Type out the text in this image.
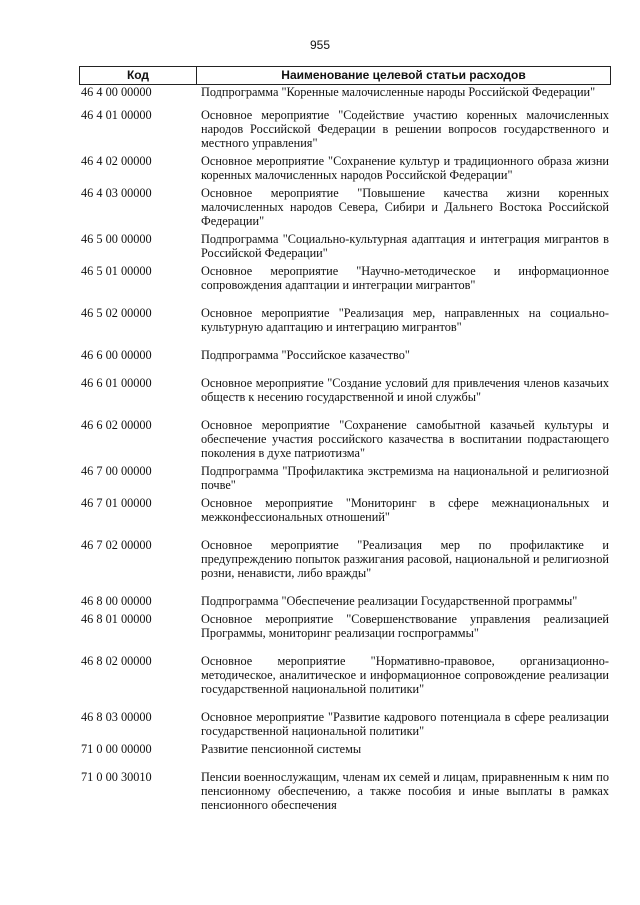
955
Код	Наименование целевой статьи расходов
46 4 00 00000	Подпрограмма "Коренные малочисленные народы Российской Федерации"
46 4 01 00000	Основное мероприятие "Содействие участию коренных малочисленных народов Российской Федерации в решении вопросов государственного и местного управления"
46 4 02 00000	Основное мероприятие "Сохранение культур и традиционного образа жизни коренных малочисленных народов Российской Федерации"
46 4 03 00000	Основное мероприятие "Повышение качества жизни коренных малочисленных народов Севера, Сибири и Дальнего Востока Российской Федерации"
46 5 00 00000	Подпрограмма "Социально-культурная адаптация и интеграция мигрантов в Российской Федерации"
46 5 01 00000	Основное мероприятие "Научно-методическое и информационное сопровождения адаптации и интеграции мигрантов"
46 5 02 00000	Основное мероприятие "Реализация мер, направленных на социально-культурную адаптацию и интеграцию мигрантов"
46 6 00 00000	Подпрограмма "Российское казачество"
46 6 01 00000	Основное мероприятие "Создание условий для привлечения членов казачьих обществ к несению государственной и иной службы"
46 6 02 00000	Основное мероприятие "Сохранение самобытной казачьей культуры и обеспечение участия российского казачества в воспитании подрастающего поколения в духе патриотизма"
46 7 00 00000	Подпрограмма "Профилактика экстремизма на национальной и религиозной почве"
46 7 01 00000	Основное мероприятие "Мониторинг в сфере межнациональных и межконфессиональных отношений"
46 7 02 00000	Основное мероприятие "Реализация мер по профилактике и предупреждению попыток разжигания расовой, национальной и религиозной розни, ненависти, либо вражды"
46 8 00 00000	Подпрограмма "Обеспечение реализации Государственной программы"
46 8 01 00000	Основное мероприятие "Совершенствование управления реализацией Программы, мониторинг реализации госпрограммы"
46 8 02 00000	Основное мероприятие "Нормативно-правовое, организационно-методическое, аналитическое и информационное сопровождение реализации государственной национальной политики"
46 8 03 00000	Основное мероприятие "Развитие кадрового потенциала в сфере реализации государственной национальной политики"
71 0 00 00000	Развитие пенсионной системы
71 0 00 30010	Пенсии военнослужащим, членам их семей и лицам, приравненным к ним по пенсионному обеспечению, а также пособия и иные выплаты в рамках пенсионного обеспечения
